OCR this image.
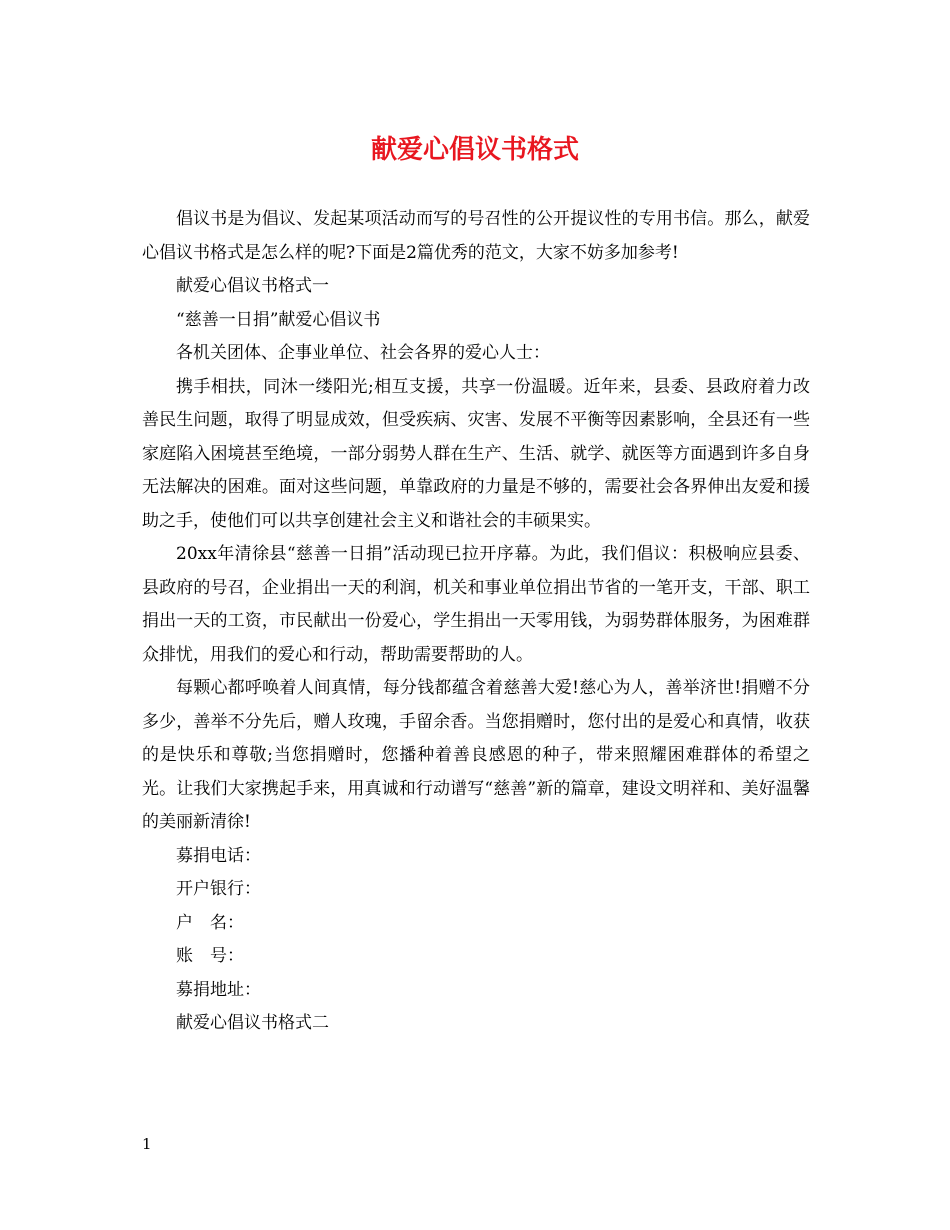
献爱心倡议书格式

倡议书是为倡议、发起某项活动而写的号召性的公开提议性的专用书信。那么，献爱心倡议书格式是怎么样的呢?下面是2篇优秀的范文，大家不妨多加参考!

献爱心倡议书格式一

“慈善一日捐”献爱心倡议书

各机关团体、企事业单位、社会各界的爱心人士：

携手相扶，同沐一缕阳光;相互支援，共享一份温暖。近年来，县委、县政府着力改善民生问题，取得了明显成效，但受疾病、灾害、发展不平衡等因素影响，全县还有一些家庭陷入困境甚至绝境，一部分弱势人群在生产、生活、就学、就医等方面遇到许多自身无法解决的困难。面对这些问题，单靠政府的力量是不够的，需要社会各界伸出友爱和援助之手，使他们可以共享创建社会主义和谐社会的丰硕果实。

20xx年清徐县“慈善一日捐”活动现已拉开序幕。为此，我们倡议：积极响应县委、县政府的号召，企业捐出一天的利润，机关和事业单位捐出节省的一笔开支，干部、职工捐出一天的工资，市民献出一份爱心，学生捐出一天零用钱，为弱势群体服务，为困难群众排忧，用我们的爱心和行动，帮助需要帮助的人。

每颗心都呼唤着人间真情，每分钱都蕴含着慈善大爱!慈心为人，善举济世!捐赠不分多少，善举不分先后，赠人玫瑰，手留余香。当您捐赠时，您付出的是爱心和真情，收获的是快乐和尊敬;当您捐赠时，您播种着善良感恩的种子，带来照耀困难群体的希望之光。让我们大家携起手来，用真诚和行动谱写“慈善”新的篇章，建设文明祥和、美好温馨的美丽新清徐!

募捐电话：

开户银行：

户　名：

账　号：

募捐地址：

献爱心倡议书格式二

1
